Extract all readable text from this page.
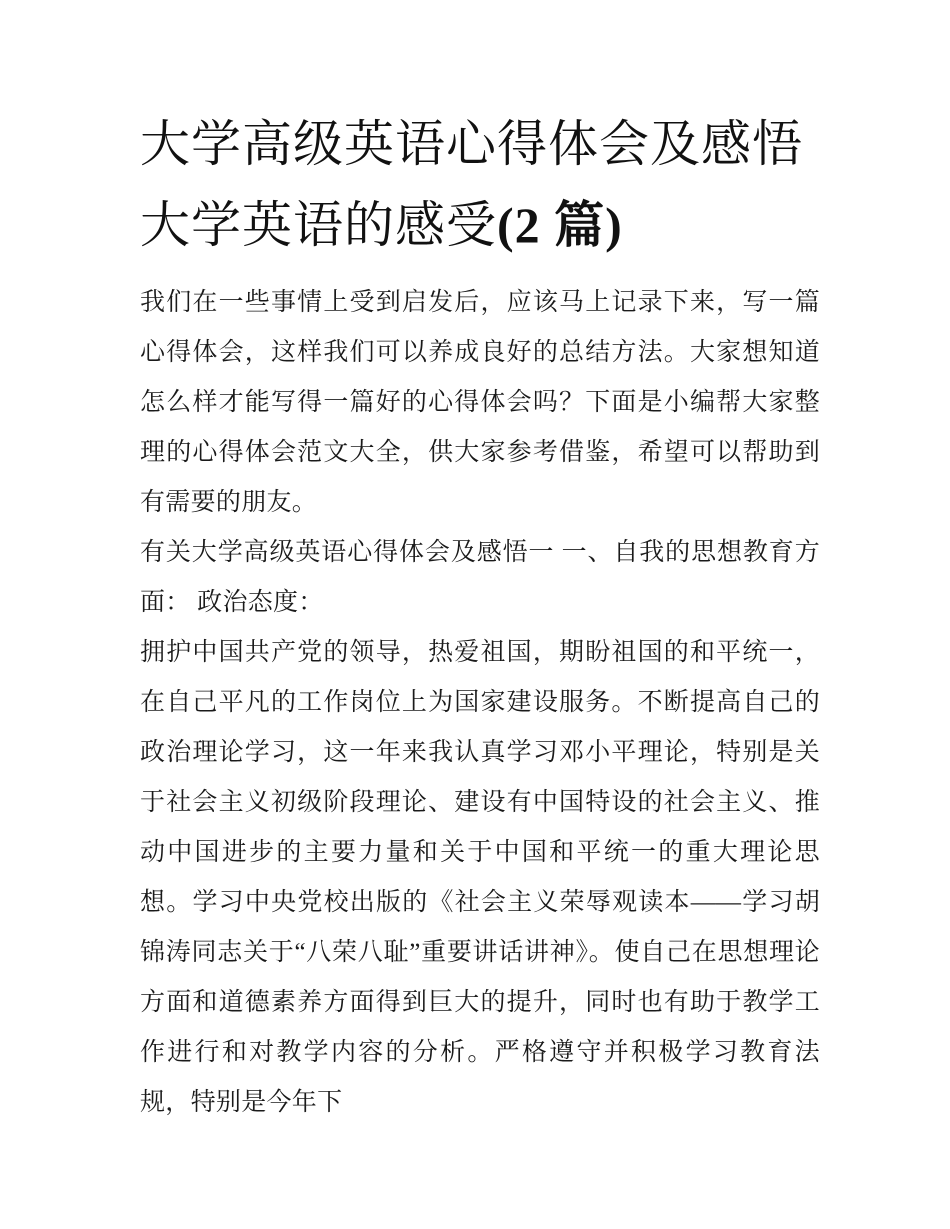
大学高级英语心得体会及感悟大学英语的感受(2 篇)

我们在一些事情上受到启发后，应该马上记录下来，写一篇心得体会，这样我们可以养成良好的总结方法。大家想知道怎么样才能写得一篇好的心得体会吗？下面是小编帮大家整理的心得体会范文大全，供大家参考借鉴，希望可以帮助到有需要的朋友。

有关大学高级英语心得体会及感悟一 一、自我的思想教育方面： 政治态度：

拥护中国共产党的领导，热爱祖国，期盼祖国的和平统一，在自己平凡的工作岗位上为国家建设服务。不断提高自己的政治理论学习，这一年来我认真学习邓小平理论，特别是关于社会主义初级阶段理论、建设有中国特设的社会主义、推动中国进步的主要力量和关于中国和平统一的重大理论思想。学习中央党校出版的《社会主义荣辱观读本——学习胡锦涛同志关于“八荣八耻”重要讲话讲神》。使自己在思想理论方面和道德素养方面得到巨大的提升，同时也有助于教学工作进行和对教学内容的分析。严格遵守并积极学习教育法规，特别是今年下
